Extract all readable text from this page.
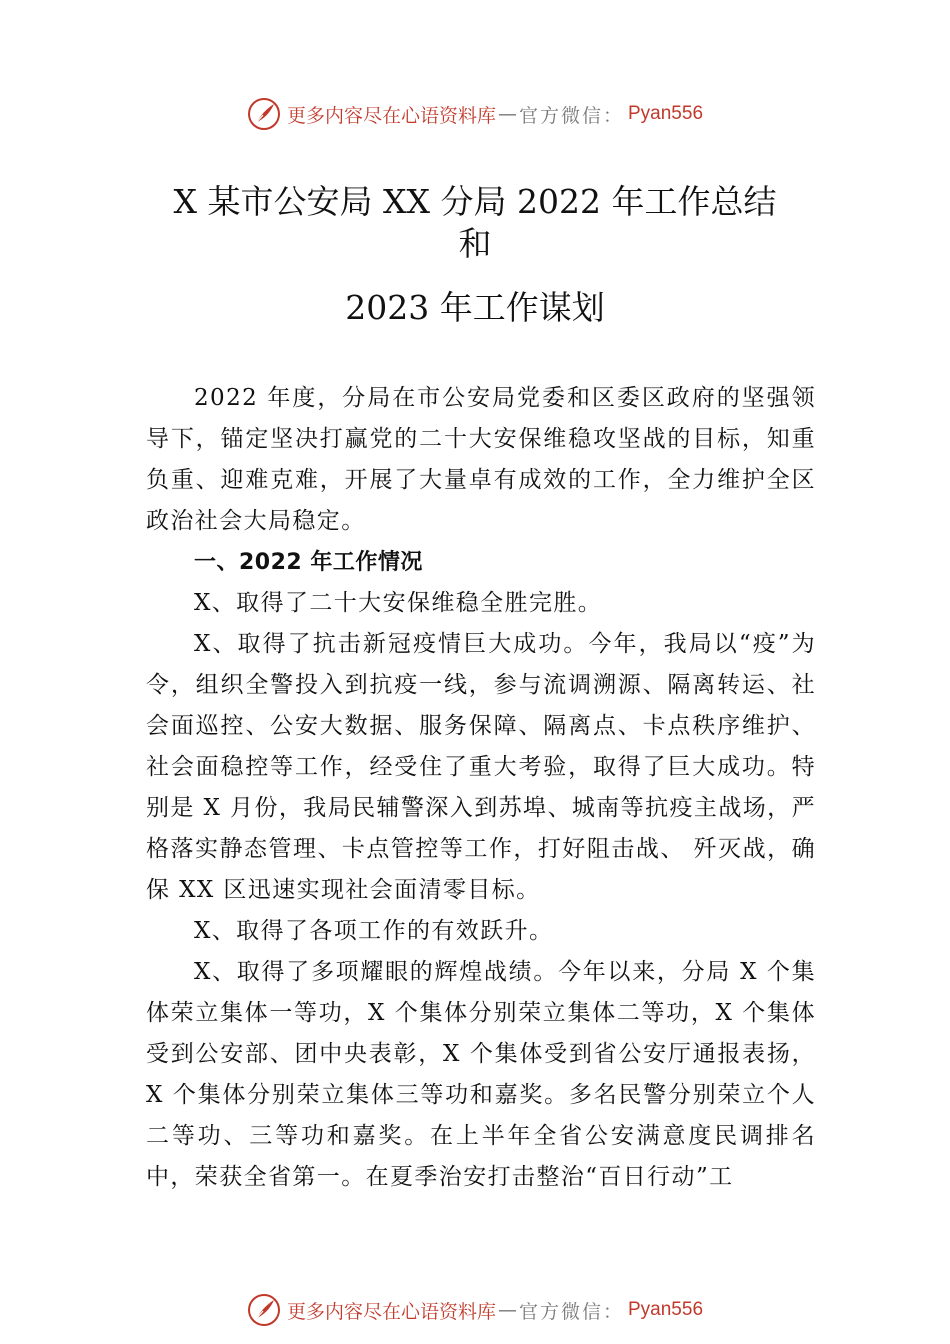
更多内容尽在心语资料库 — 官方微信： Pyan556
X 某市公安局 XX 分局 2022 年工作总结
和
2023 年工作谋划

2022 年度，分局在市公安局党委和区委区政府的坚强领导下，锚定坚决打赢党的二十大安保维稳攻坚战的目标，知重负重、迎难克难，开展了大量卓有成效的工作，全力维护全区政治社会大局稳定。

一、2022 年工作情况

X、取得了二十大安保维稳全胜完胜。

X、取得了抗击新冠疫情巨大成功。今年，我局以“疫”为令，组织全警投入到抗疫一线，参与流调溯源、隔离转运、社会面巡控、公安大数据、服务保障、隔离点、卡点秩序维护、社会面稳控等工作，经受住了重大考验，取得了巨大成功。特别是 X 月份，我局民辅警深入到苏埠、城南等抗疫主战场，严格落实静态管理、卡点管控等工作，打好阻击战、 歼灭战，确保 XX 区迅速实现社会面清零目标。

X、取得了各项工作的有效跃升。

X、取得了多项耀眼的辉煌战绩。今年以来，分局 X 个集体荣立集体一等功，X 个集体分别荣立集体二等功，X 个集体受到公安部、团中央表彰，X 个集体受到省公安厅通报表扬， X 个集体分别荣立集体三等功和嘉奖。多名民警分别荣立个人二等功、三等功和嘉奖。在上半年全省公安满意度民调排名中，荣获全省第一。在夏季治安打击整治“百日行动”工

更多内容尽在心语资料库 — 官方微信： Pyan556
